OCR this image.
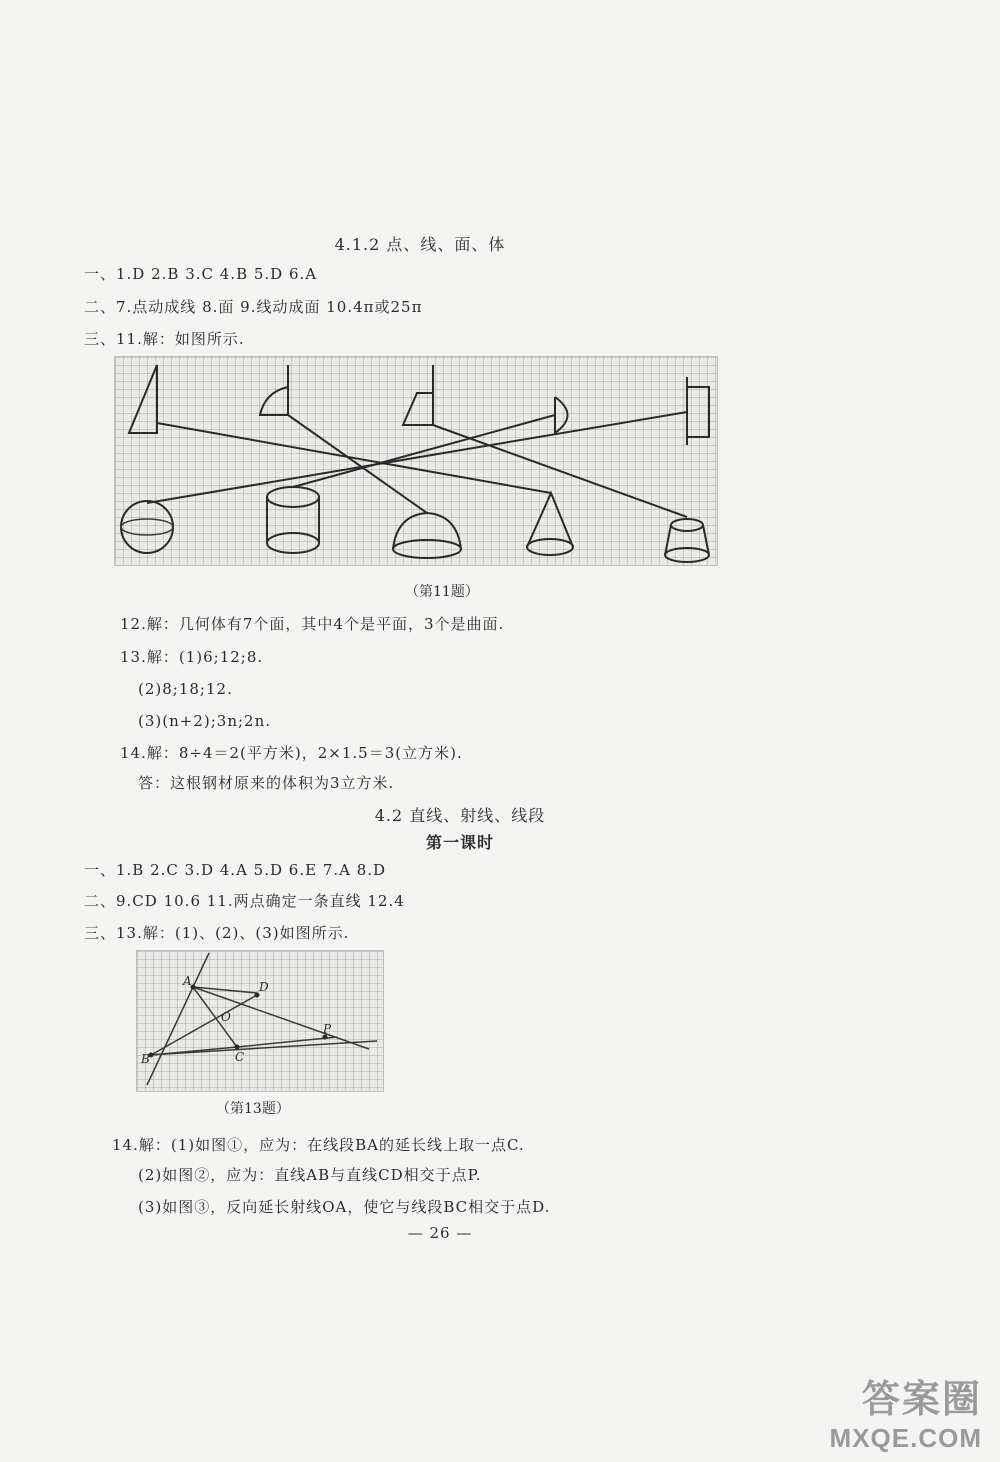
4.1.2 点、线、面、体
一、1.D 2.B 3.C 4.B 5.D 6.A
二、7.点动成线 8.面 9.线动成面 10.4π或25π
三、11.解：如图所示.
（第11题）
12.解：几何体有7个面，其中4个是平面，3个是曲面.
13.解：(1)6;12;8.
(2)8;18;12.
(3)(n+2);3n;2n.
14.解：8÷4＝2(平方米)，2×1.5＝3(立方米).
答：这根钢材原来的体积为3立方米.
4.2 直线、射线、线段
第一课时
一、1.B 2.C 3.D 4.A 5.D 6.E 7.A 8.D
二、9.CD 10.6 11.两点确定一条直线 12.4
三、13.解：(1)、(2)、(3)如图所示.
A	D
O
B	C
P
（第13题）
14.解：(1)如图①，应为：在线段BA的延长线上取一点C.
(2)如图②，应为：直线AB与直线CD相交于点P.
(3)如图③，反向延长射线OA，使它与线段BC相交于点D.
— 26 —
答案圈
MXQE.COM
